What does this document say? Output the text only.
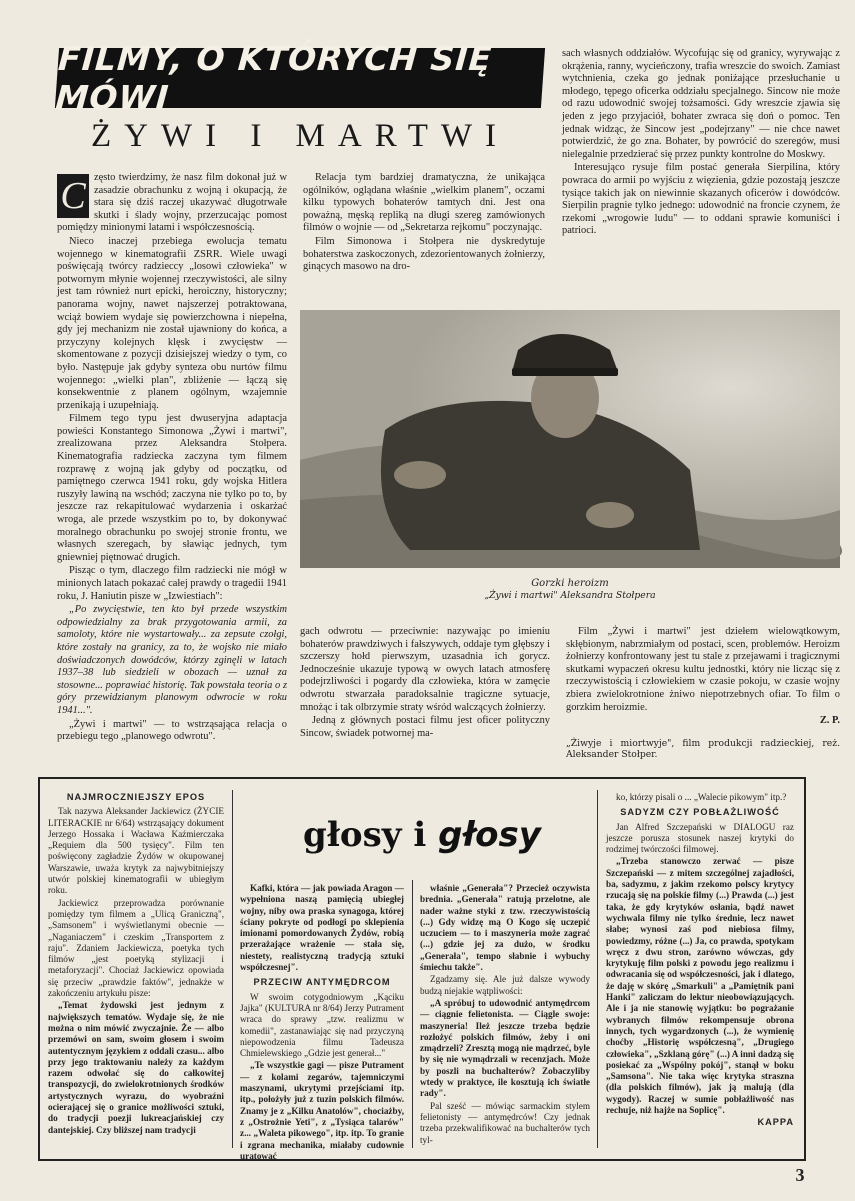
FILMY, O KTÓRYCH SIĘ MÓWI
ŻYWI I MARTWI
C zęsto twierdzimy, że nasz film dokonał już w zasadzie obrachunku z wojną i okupacją, że stara się dziś raczej ukazywać długotrwałe skutki i ślady wojny, przerzucając pomost pomiędzy minionymi latami i współczesnością.

Nieco inaczej przebiega ewolucja tematu wojennego w kinematografii ZSRR. Wiele uwagi poświęcają twórcy radzieccy „losowi człowieka" w potwornym młynie wojennej rzeczywistości, ale silny jest tam również nurt epicki, heroiczny, historyczny; panorama wojny, nawet najszerzej potraktowana, wciąż bowiem wydaje się powierzchowna i niepełna, gdy jej mechanizm nie został ujawniony do końca, a przyczyny kolejnych klęsk i zwycięstw — skomentowane z pozycji dzisiejszej wiedzy o tym, co było. Następuje jak gdyby synteza obu nurtów filmu wojennego: „wielki plan", zbliżenie — łączą się konsekwentnie z planem ogólnym, wzajemnie przenikają i uzupełniają.

Filmem tego typu jest dwuseryjna adaptacja powieści Konstantego Simonowa „Żywi i martwi", zrealizowana przez Aleksandra Stołpera. Kinematografia radziecka zaczyna tym filmem rozprawę z wojną jak gdyby od początku, od pamiętnego czerwca 1941 roku, gdy wojska Hitlera ruszyły lawiną na wschód; zaczyna nie tylko po to, by jeszcze raz rekapitulować wydarzenia i oskarżać wroga, ale przede wszystkim po to, by dokonywać moralnego obrachunku po swojej stronie frontu, we własnych szeregach, by sławiąc jednych, tym gniewniej piętnować drugich.

Pisząc o tym, dlaczego film radziecki nie mógł w minionych latach pokazać całej prawdy o tragedii 1941 roku, J. Haniutin pisze w „Izwiestiach":

„Po zwycięstwie, ten kto był przede wszystkim odpowiedzialny za brak przygotowania armii, za samoloty, które nie wystartowały... za zepsute czołgi, które zostały na granicy, za to, że wojsko nie miało doświadczonych dowódców, którzy zginęli w latach 1937–38 lub siedzieli w obozach — uznał za stosowne... poprawiać historię. Tak powstała teoria o z góry przewidzianym planowym odwrocie w roku 1941...".

„Żywi i martwi" — to wstrząsająca relacja o przebiegu tego „planowego odwrotu".

Relacja tym bardziej dramatyczna, że unikająca ogólników, oglądana właśnie „wielkim planem", oczami kilku typowych bohaterów tamtych dni. Jest ona poważną, męską repliką na długi szereg zamówionych filmów o wojnie — od „Sekretarza rejkomu" poczynając.

Film Simonowa i Stołpera nie dyskredytuje bohaterstwa zaskoczonych, zdezorientowanych żołnierzy, ginących masowo na dro-

sach własnych oddziałów. Wycofując się od granicy, wyrywając z okrążenia, ranny, wycieńczony, trafia wreszcie do swoich. Zamiast wytchnienia, czeka go jednak poniżające przesłuchanie u młodego, tępego oficerka oddziału specjalnego. Sincow nie może od razu udowodnić swojej tożsamości. Gdy wreszcie zjawia się jeden z jego przyjaciół, bohater zwraca się doń o pomoc. Ten jednak widząc, że Sincow jest „podejrzany" — nie chce nawet potwierdzić, że go zna. Bohater, by powrócić do szeregów, musi nielegalnie przedzierać się przez punkty kontrolne do Moskwy.

Interesująco rysuje film postać generała Sierpilina, który powraca do armii po wyjściu z więzienia, gdzie pozostają jeszcze tysiące takich jak on niewinnie skazanych oficerów i dowódców. Sierpilin pragnie tylko jednego: udowodnić na froncie czynem, że rzekomi „wrogowie ludu" — to oddani sprawie komuniści i patrioci.

Gorzki heroizm
„Żywi i martwi" Aleksandra Stołpera

gach odwrotu — przeciwnie: nazywając po imieniu bohaterów prawdziwych i fałszywych, oddaje tym głębszy i szczerszy hołd pierwszym, uzasadnia ich gorycz. Jednocześnie ukazuje typową w owych latach atmosferę podejrzliwości i pogardy dla człowieka, która w zamęcie odwrotu stwarzała paradoksalnie tragiczne sytuacje, mnożąc i tak olbrzymie straty wśród walczących żołnierzy.

Jedną z głównych postaci filmu jest oficer polityczny Sincow, świadek potwornej ma-

Film „Żywi i martwi" jest dziełem wielowątkowym, skłębionym, nabrzmiałym od postaci, scen, problemów. Heroizm żołnierzy konfrontowany jest tu stale z przejawami i tragicznymi skutkami wypaczeń okresu kultu jednostki, który nie licząc się z rzeczywistością i człowiekiem w czasie pokoju, w czasie wojny zbiera zwielokrotnione żniwo niepotrzebnych ofiar. To film o gorzkim heroizmie.

Z. P.

„Żiwyje i miortwyje", film produkcji radzieckiej, reż. Aleksander Stołper.
głosy i głosy
NAJMROCZNIEJSZY EPOS

Tak nazywa Aleksander Jackiewicz (ŻYCIE LITERACKIE nr 6/64) wstrząsający dokument Jerzego Hossaka i Wacława Kaźmierczaka „Requiem dla 500 tysięcy". Film ten poświęcony zagładzie Żydów w okupowanej Warszawie, uważa krytyk za najwybitniejszy utwór polskiej kinematografii w ubiegłym roku.

Jackiewicz przeprowadza porównanie pomiędzy tym filmem a „Ulicą Graniczną", „Samsonem" i wyświetlanymi obecnie — „Naganiaczem" i czeskim „Transportem z raju". Zdaniem Jackiewicza, poetyka tych filmów „jest poetyką stylizacji i metaforyzacji". Chociaż Jackiewicz opowiada się przeciw „prawdzie faktów", jednakże w zakończeniu artykułu pisze:

„Temat żydowski jest jednym z największych tematów. Wydaje się, że nie można o nim mówić zwyczajnie. Że — albo przemówi on sam, swoim głosem i swoim autentycznym językiem z oddali czasu... albo przy jego traktowaniu należy za każdym razem odwołać się do całkowitej transpozycji, do zwielokrotnionych środków artystycznych wyrazu, do wyobraźni ocierającej się o granice możliwości sztuki, do tradycji poezji lukreacjańskiej czy dantejskiej. Czy bliższej nam tradycji

Kafki, która — jak powiada Aragon — wypełniona naszą pamięcią ubiegłej wojny, niby owa praska synagoga, której ściany pokryte od podłogi po sklepienia imionami pomordowanych Żydów, robią przerażające wrażenie — stała się, niestety, realistyczną tradycją sztuki współczesnej".

PRZECIW ANTYMĘDRCOM

W swoim cotygodniowym „Kąciku Jajka" (KULTURA nr 8/64) Jerzy Putrament wraca do sprawy „tzw. realizmu w komedii", zastanawiając się nad przyczyną niepowodzenia filmu Tadeusza Chmielewskiego „Gdzie jest generał..."

„Te wszystkie gagi — pisze Putrament — z kolami zegarów, tajemniczymi maszynami, ukrytymi przejściami itp. itp., położyły już z tuzin polskich filmów. Znamy je z „Kilku Anatolów", chociażby, z „Ostrożnie Yeti", z „Tysiąca talarów" z... „Waleta pikowego", itp. itp. To granie i zgrana mechanika, miałaby cudownie uratować

właśnie „Generała"? Przecież oczywista brednia. „Generała" ratują przelotne, ale nader ważne styki z tzw. rzeczywistością (...) Gdy widzę mą O Kogo się uczepić uczuciem — to i maszyneria może zagrać (...) gdzie jej za dużo, w środku „Generała", tempo słabnie i wybuchy śmiechu także".

Zgadzamy się. Ale już dalsze wywody budzą niejakie wątpliwości:

„A spróbuj to udowodnić antymędrcom — ciągnie felietonista. — Ciągle swoje: maszyneria! Ileż jeszcze trzeba będzie rozłożyć polskich filmów, żeby i oni zmądrzeli? Zresztą mogą nie mądrzeć, byle by się nie wymądrzali w recenzjach. Może by poszli na buchalterów? Zobaczyliby wtedy w praktyce, ile kosztują ich światłe rady".

Pal sześć — mówiąc sarmackim stylem felietonisty — antymędrców! Czy jednak trzeba przekwalifikować na buchalterów tych tyl-

ko, którzy pisali o ... „Walecie pikowym" itp.?

SADYZM CZY POBŁAŻLIWOŚĆ

Jan Alfred Szczepański w DIALOGU raz jeszcze porusza stosunek naszej krytyki do rodzimej twórczości filmowej.

„Trzeba stanowczo zerwać — pisze Szczepański — z mitem szczególnej zajadłości, ba, sadyzmu, z jakim rzekomo polscy krytycy rzucają się na polskie filmy (...) Prawda (...) jest taka, że gdy krytyków osłania, bądź nawet wychwala filmy nie tylko średnie, lecz nawet słabe; wynosi zaś pod niebiosa filmy, powiedzmy, różne (...) Ja, co prawda, spotykam wręcz z dwu stron, zarówno wówczas, gdy krytykuję film polski z powodu jego realizmu i odwracania się od współczesności, jak i dlatego, że daję w skórę „Smarkuli" a „Pamiętnik pani Hanki" zaliczam do lektur nieobowiązujących. Ale i ja nie stanowię wyjątku: bo pograżanie wybranych filmów rekompensuje obrona innych, tych wygardzonych (...), że wymienię choćby „Historię współczesną", „Drugiego człowieka", „Szklaną górę" (...) A inni dadzą się posiekać za „Wspólny pokój", stanął w boku „Samsona". Nie taka więc krytyka straszna (dla polskich filmów), jak ją malują (dla wygody). Raczej w sumie pobłażliwość nas rechuje, niż hajże na Soplicę".

KAPPA

3
